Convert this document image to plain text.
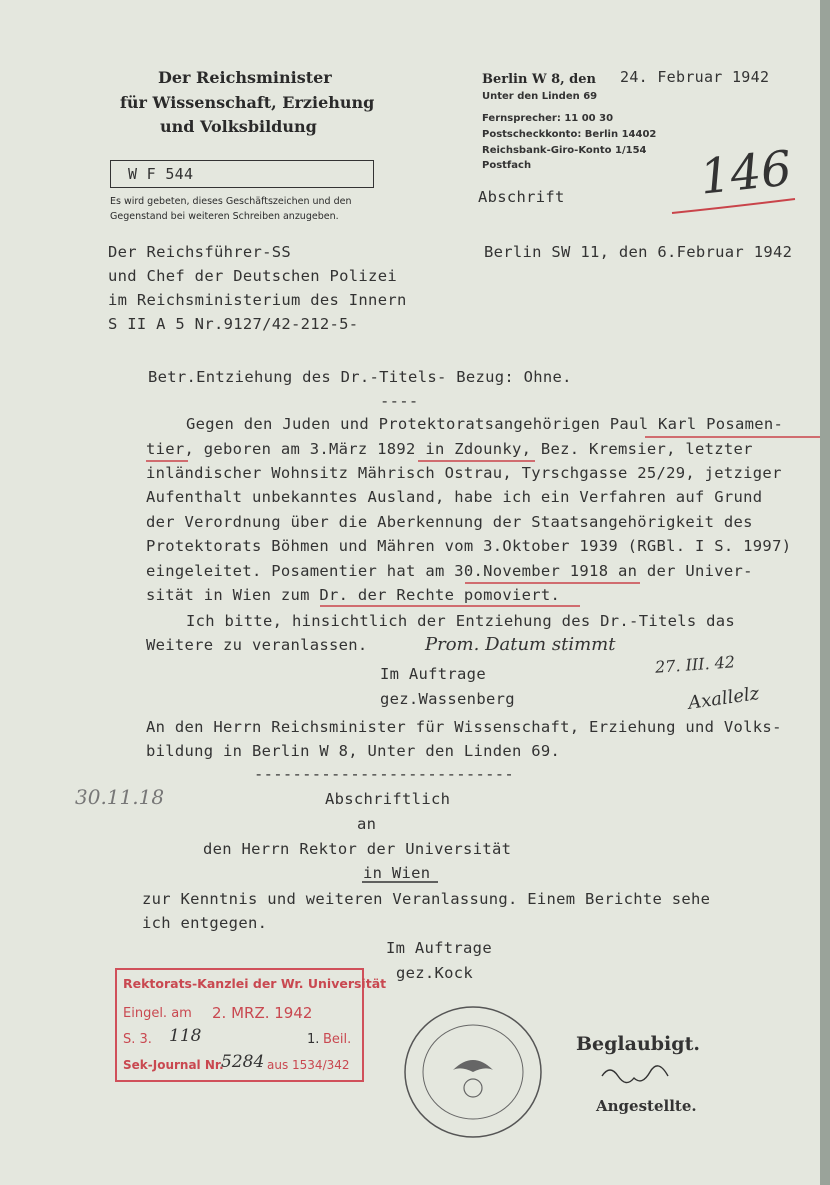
Der Reichsminister
für Wissenschaft, Erziehung
und Volksbildung
Berlin W 8, den 24. Februar 1942
Unter den Linden 69
Fernsprecher: 11 00 30
Postscheckkonto: Berlin 14402
Reichsbank-Giro-Konto 1/154
Postfach	146
W F 544
Es wird gebeten, dieses Geschäftszeichen und den
Gegenstand bei weiteren Schreiben anzugeben.
Abschrift
Der Reichsführer-SS
und Chef der Deutschen Polizei
im Reichsministerium des Innern
S II A 5 Nr.9127/42-212-5-
Berlin SW 11, den 6.Februar 1942
Betr.Entziehung des Dr.-Titels- Bezug: Ohne.
----
Gegen den Juden und Protektoratsangehörigen Paul Karl Posamen-
tier, geboren am 3.März 1892 in Zdounky, Bez. Kremsier, letzter
inländischer Wohnsitz Mährisch Ostrau, Tyrschgasse 25/29, jetziger
Aufenthalt unbekanntes Ausland, habe ich ein Verfahren auf Grund
der Verordnung über die Aberkennung der Staatsangehörigkeit des
Protektorats Böhmen und Mähren vom 3.Oktober 1939 (RGBl. I S. 1997)
eingeleitet. Posamentier hat am 30.November 1918 an der Univer-
sität in Wien zum Dr. der Rechte pomoviert.
Ich bitte, hinsichtlich der Entziehung des Dr.-Titels das
Weitere zu veranlassen.	Prom. Datum stimmt
27. III. 42
Im Auftrage
gez.Wassenberg	Axallelz
An den Herrn Reichsminister für Wissenschaft, Erziehung und Volks-
bildung in Berlin W 8, Unter den Linden 69.
---------------------------
30.11.18	Abschriftlich
an
den Herrn Rektor der Universität
in Wien
zur Kenntnis und weiteren Veranlassung. Einem Berichte sehe
ich entgegen.
Im Auftrage
gez.Kock
Rektorats-Kanzlei der Wr. Universität
Eingel. am 2. MRZ. 1942
S. 3. 118	1. Beil.
Sek-Journal Nr.
5284 aus 1534/342
Beglaubigt.
Angestellte.
